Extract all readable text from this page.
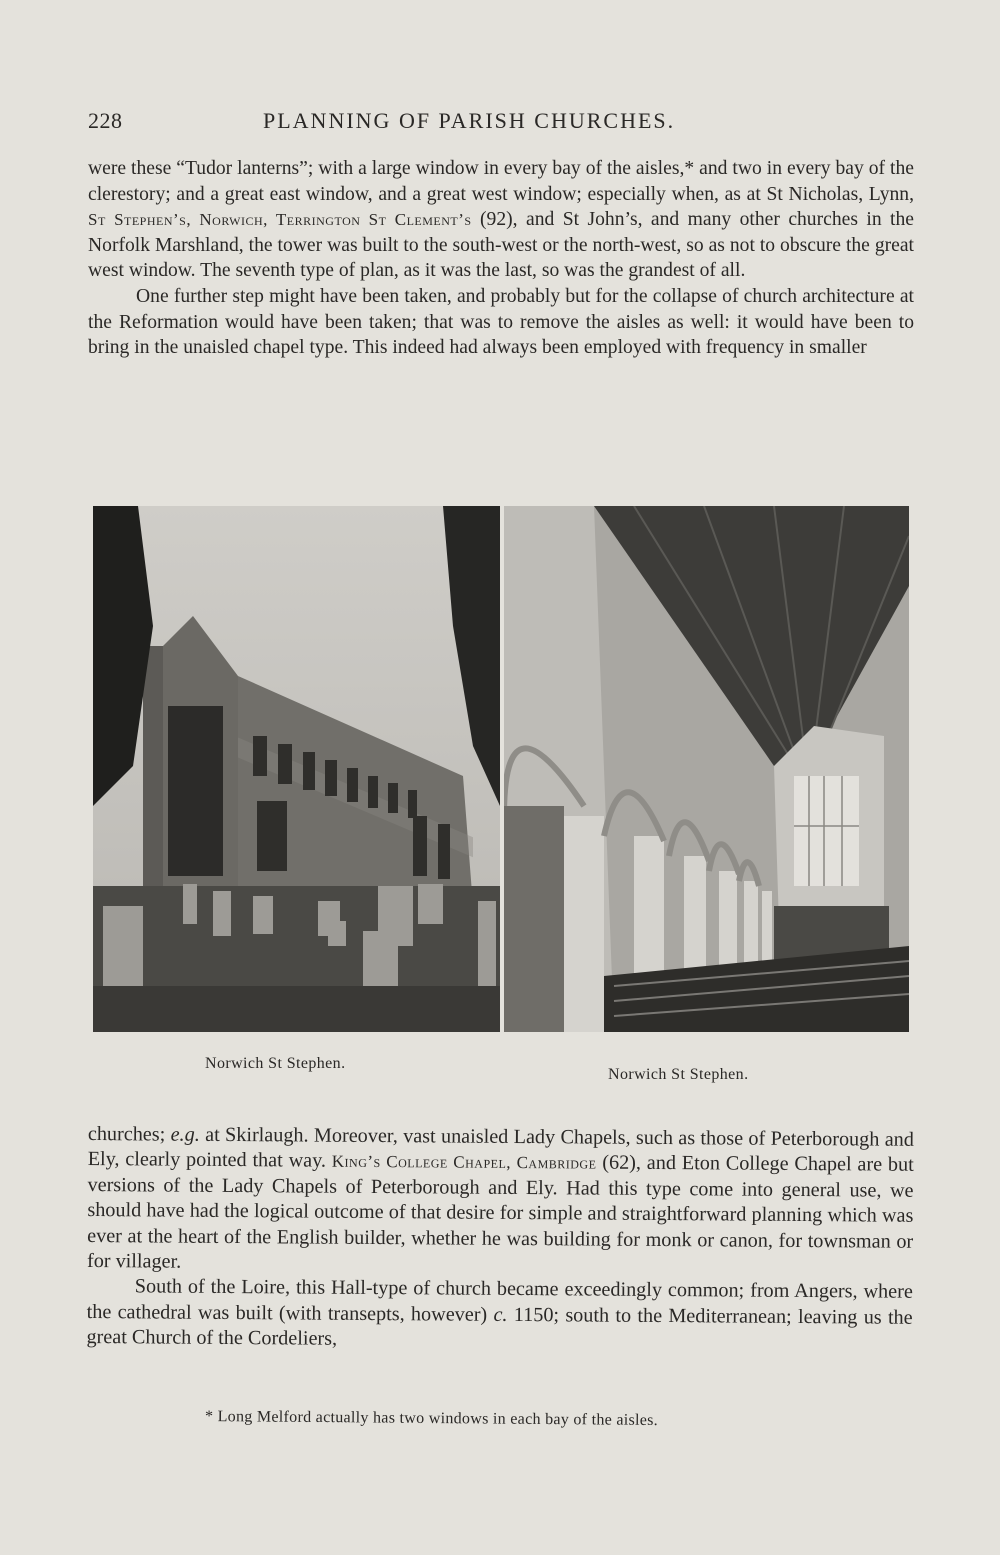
228	PLANNING OF PARISH CHURCHES.

were these “Tudor lanterns”; with a large window in every bay of the aisles,* and two in every bay of the clerestory; and a great east window, and a great west window; especially when, as at St Nicholas, Lynn, St Stephen’s, Norwich, Terrington St Clement’s (92), and St John’s, and many other churches in the Norfolk Marshland, the tower was built to the south-west or the north-west, so as not to obscure the great west window. The seventh type of plan, as it was the last, so was the grandest of all.

One further step might have been taken, and probably but for the collapse of church architecture at the Reformation would have been taken; that was to remove the aisles as well: it would have been to bring in the unaisled chapel type. This indeed had always been employed with frequency in smaller

Norwich St Stephen.
Norwich St Stephen.

churches; e.g. at Skirlaugh. Moreover, vast unaisled Lady Chapels, such as those of Peterborough and Ely, clearly pointed that way. King’s College Chapel, Cambridge (62), and Eton College Chapel are but versions of the Lady Chapels of Peterborough and Ely. Had this type come into general use, we should have had the logical outcome of that desire for simple and straightforward planning which was ever at the heart of the English builder, whether he was building for monk or canon, for townsman or for villager.

South of the Loire, this Hall-type of church became exceedingly common; from Angers, where the cathedral was built (with transepts, however) c. 1150; south to the Mediterranean; leaving us the great Church of the Cordeliers,

* Long Melford actually has two windows in each bay of the aisles.
